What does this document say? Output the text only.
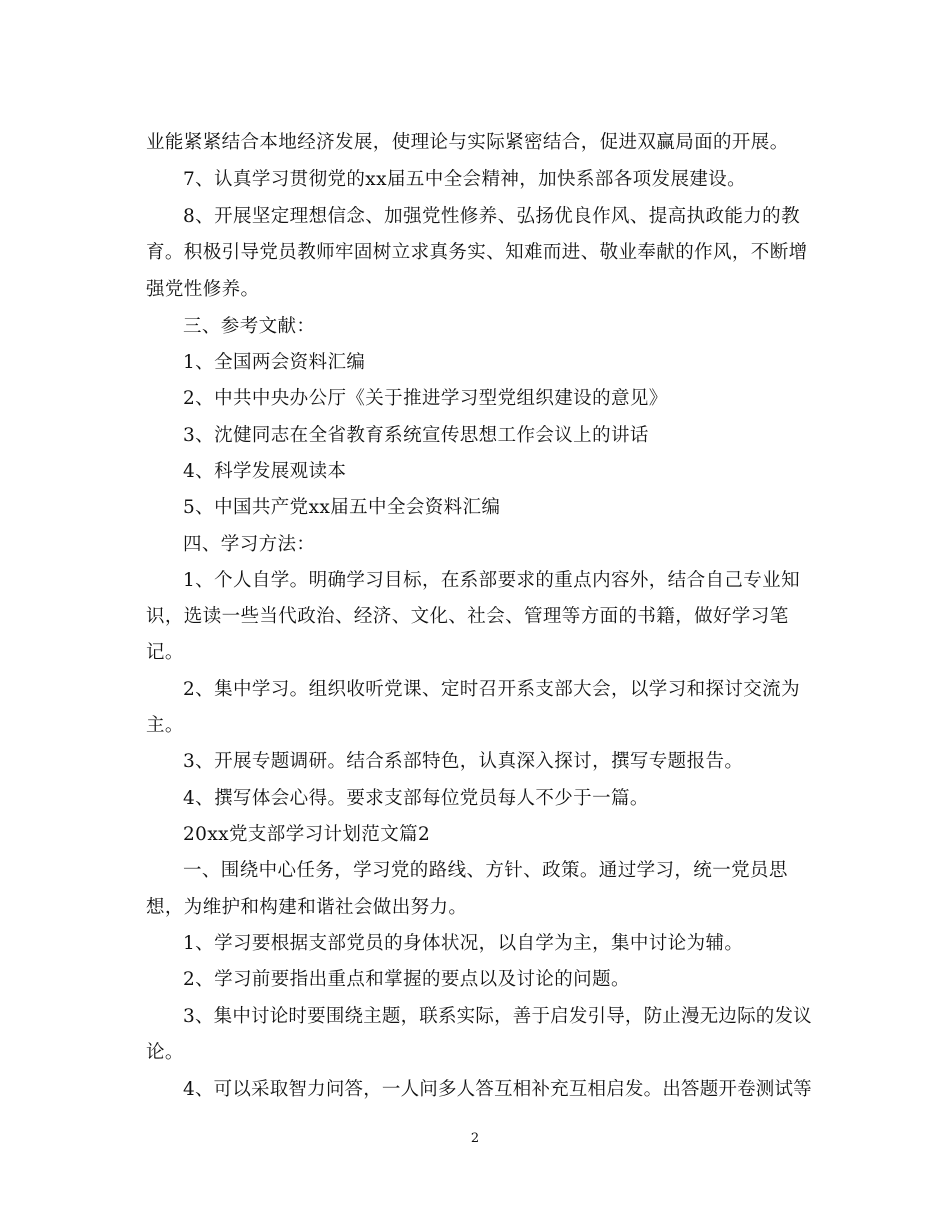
业能紧紧结合本地经济发展，使理论与实际紧密结合，促进双赢局面的开展。
7、认真学习贯彻党的xx届五中全会精神，加快系部各项发展建设。
8、开展坚定理想信念、加强党性修养、弘扬优良作风、提高执政能力的教
育。积极引导党员教师牢固树立求真务实、知难而进、敬业奉献的作风，不断增
强党性修养。
三、参考文献：
1、全国两会资料汇编
2、中共中央办公厅《关于推进学习型党组织建设的意见》
3、沈健同志在全省教育系统宣传思想工作会议上的讲话
4、科学发展观读本
5、中国共产党xx届五中全会资料汇编
四、学习方法：
1、个人自学。明确学习目标，在系部要求的重点内容外，结合自己专业知
识，选读一些当代政治、经济、文化、社会、管理等方面的书籍，做好学习笔
记。
2、集中学习。组织收听党课、定时召开系支部大会，以学习和探讨交流为
主。
3、开展专题调研。结合系部特色，认真深入探讨，撰写专题报告。
4、撰写体会心得。要求支部每位党员每人不少于一篇。
20xx党支部学习计划范文篇2
一、围绕中心任务，学习党的路线、方针、政策。通过学习，统一党员思
想，为维护和构建和谐社会做出努力。
1、学习要根据支部党员的身体状况，以自学为主，集中讨论为辅。
2、学习前要指出重点和掌握的要点以及讨论的问题。
3、集中讨论时要围绕主题，联系实际，善于启发引导，防止漫无边际的发议
论。
4、可以采取智力问答，一人问多人答互相补充互相启发。出答题开卷测试等
2
